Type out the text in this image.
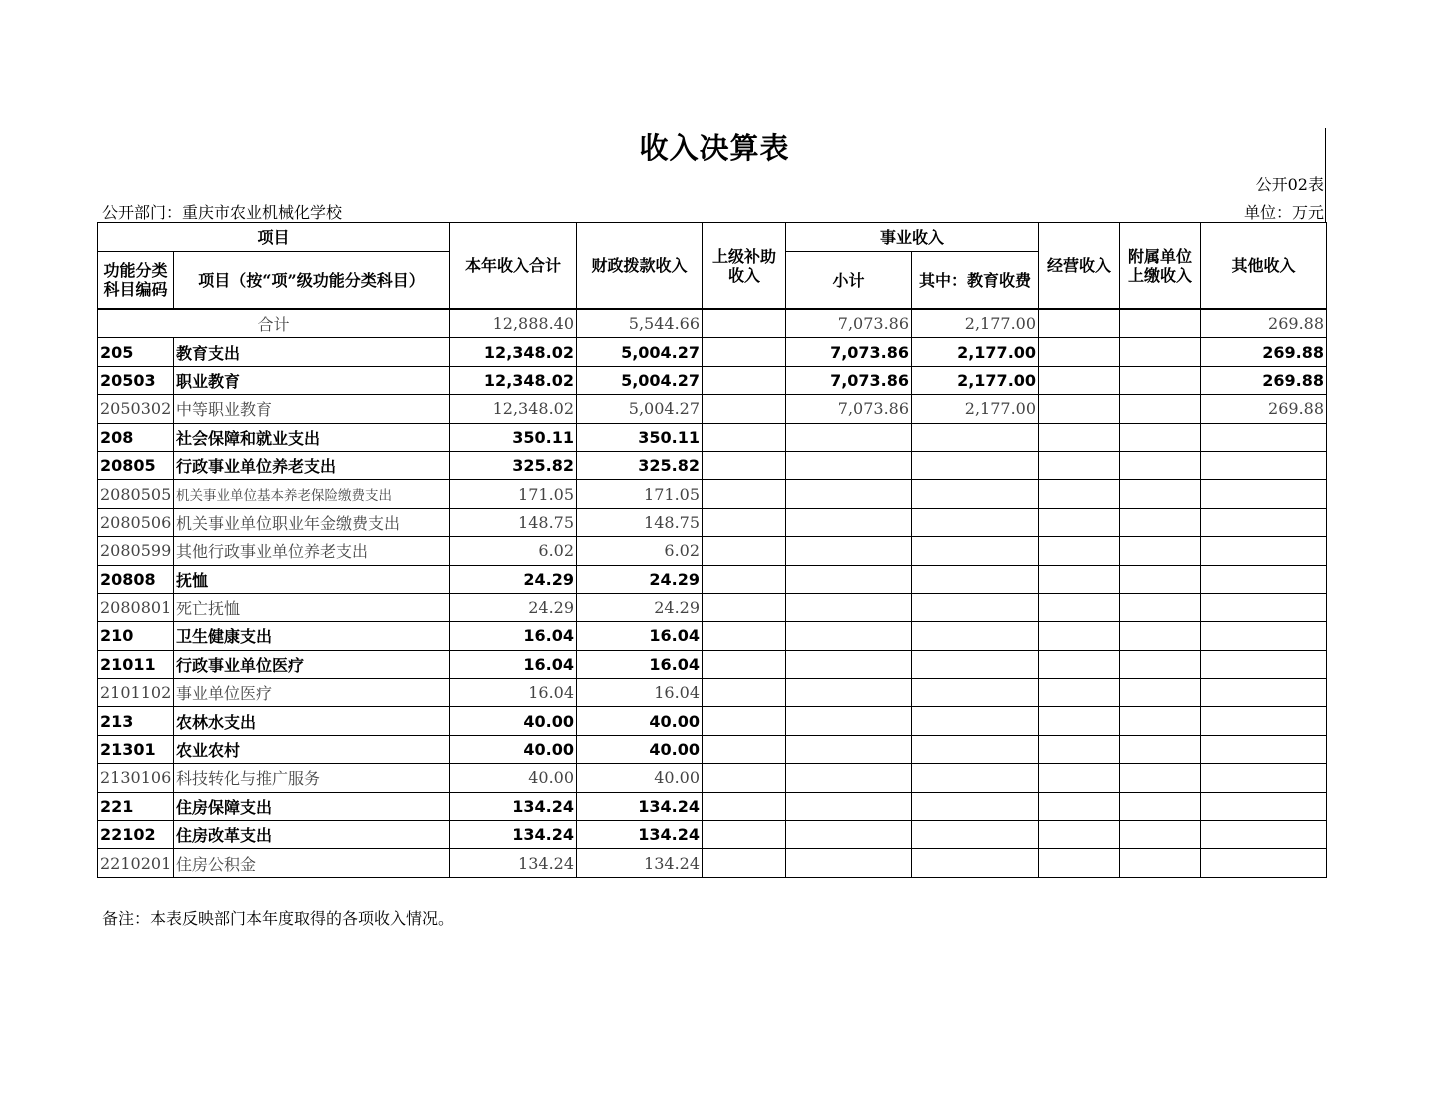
收入决算表
公开02表
公开部门：重庆市农业机械化学校	单位：万元
项目		本年收入合计	财政拨款收入	上级补助收入	事业收入		经营收入	附属单位上缴收入	其他收入
功能分类科目编码	项目（按“项”级功能分类科目）								
					小计	其中：教育收费			
合计		12,888.40	5,544.66		7,073.86	2,177.00			269.88
205	教育支出	12,348.02	5,004.27		7,073.86	2,177.00			269.88
20503	职业教育	12,348.02	5,004.27		7,073.86	2,177.00			269.88
2050302	中等职业教育	12,348.02	5,004.27		7,073.86	2,177.00			269.88
208	社会保障和就业支出	350.11	350.11						
20805	行政事业单位养老支出	325.82	325.82						
2080505	机关事业单位基本养老保险缴费支出	171.05	171.05						
2080506	机关事业单位职业年金缴费支出	148.75	148.75						
2080599	其他行政事业单位养老支出	6.02	6.02						
20808	抚恤	24.29	24.29						
2080801	死亡抚恤	24.29	24.29						
210	卫生健康支出	16.04	16.04						
21011	行政事业单位医疗	16.04	16.04						
2101102	事业单位医疗	16.04	16.04						
213	农林水支出	40.00	40.00						
21301	农业农村	40.00	40.00						
2130106	科技转化与推广服务	40.00	40.00						
221	住房保障支出	134.24	134.24						
22102	住房改革支出	134.24	134.24						
2210201	住房公积金	134.24	134.24						
备注：本表反映部门本年度取得的各项收入情况。
